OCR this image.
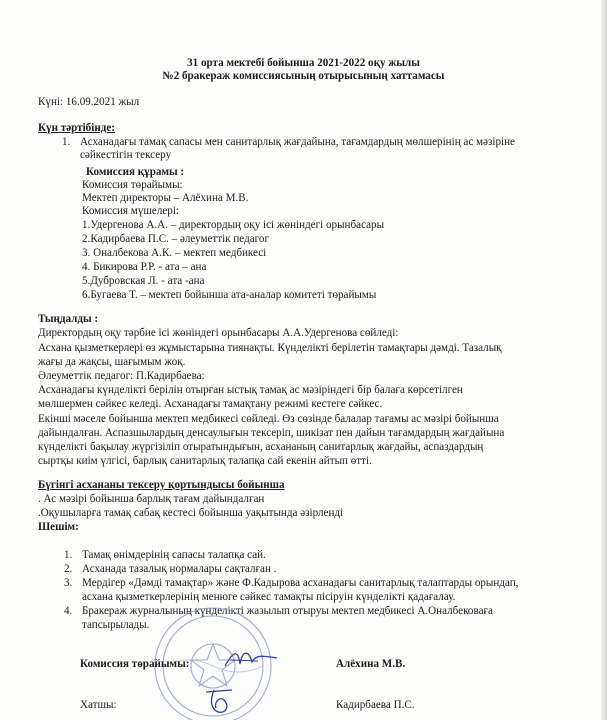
31 орта мектебі бойынша 2021-2022 оқу жылы
№2 бракераж комиссиясының отырысының хаттамасы
Күні: 16.09.2021 жыл
Күн тәртібінде:
1. Асханадағы тамақ сапасы мен санитарлық жағдайына, тағамдардың мөлшерінің ас мәзіріне
сәйкестігін тексеру
Комиссия құрамы :
Комиссия төрайымы:
Мектеп директоры – Алёхина М.В.
Комиссия мүшелері:
1.Удергенова А.А. – директордың оқу ісі жөніндегі орынбасары
2.Кадирбаева П.С. – әлеуметтік педагог
3. Оналбекова А.К. – мектеп медбикесі
4. Бикирова Р.Р. - ата – ана
5.Дубровская Л. - ата -ана
6.Бугаева Т. – мектеп бойынша ата-аналар комитеті төрайымы
Тыңдалды :
Директордың оқу тәрбие ісі жөніндегі орынбасары А.А.Удергенова сөйледі:
Асхана қызметкерлері өз жұмыстарына тиянақты. Күнделікті берілетін тамақтары дәмді. Тазалық
жағы да жақсы, шағымым жоқ.
Әлеуметтік педагог: П.Кадирбаева:
Асханадағы күнделікті берілін отырған ыстық тамақ ас мәзіріндегі бір балаға көрсетілген
мөлшермен сәйкес келеді. Асханадағы тамақтану режимі кестеге сәйкес.
Екінші мәселе бойынша мектеп медбикесі сөйледі. Өз сөзінде балалар тағамы ас мәзірі бойынша
дайындалған. Аспазшылардың денсаулығын тексеріп, шикізат пен дайын тағамдардың жағдайына
күнделікті бақылау жүргізіліп отыратындығын, асхананың санитарлық жағдайы, аспаздардың
сыртқы киім үлгісі, барлық санитарлық талапқа сай екенін айтып өтті.
Бүгінгі асхананы тексеру қортындысы бойынша
. Ас мәзірі бойынша барлық тағам дайындалған
.Оқушыларға тамақ сабақ кестесі бойынша уақытында әзірленді
Шешім:
1. Тамақ өнімдерінің сапасы талапқа сай.
2. Асханада тазалық нормалары сақталған .
3. Мердігер «Дәмді тамақтар» және Ф.Кадырова асханадағы санитарлық талаптарды орындап,
асхана қызметкерлерінің менюге сәйкес тамақты пісіруін күнделікті қадағалау.
4. Бракераж журналының күнделікті жазылып отыруы мектеп медбикесі А.Оналбековаға
тапсырылады.
Комиссия төрайымы:	Алёхина М.В.
Хатшы:	Кадирбаева П.С.
